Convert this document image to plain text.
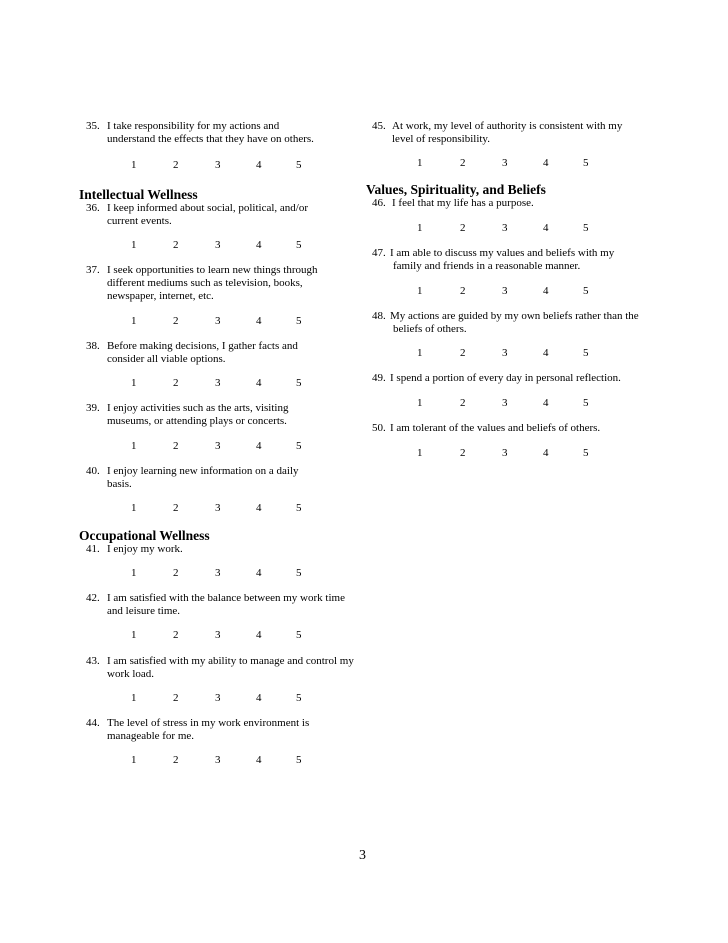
35. I take responsibility for my actions and
understand the effects that they have on others.
1	2	3	4	5
Intellectual Wellness
36. I keep informed about social, political, and/or
current events.
1	2	3	4	5
37. I seek opportunities to learn new things through
different mediums such as television, books,
newspaper, internet, etc.
1	2	3	4	5
38. Before making decisions, I gather facts and
consider all viable options.
1	2	3	4	5
39. I enjoy activities such as the arts, visiting
museums, or attending plays or concerts.
1	2	3	4	5
40. I enjoy learning new information on a daily
basis.
1	2	3	4	5
Occupational Wellness
41. I enjoy my work.
1	2	3	4	5
42. I am satisfied with the balance between my work time
and leisure time.
1	2	3	4	5
43. I am satisfied with my ability to manage and control my
work load.
1	2	3	4	5
44. The level of stress in my work environment is
manageable for me.
1	2	3	4	5
45. At work, my level of authority is consistent with my
level of responsibility.
1	2	3	4	5
Values, Spirituality, and Beliefs
46. I feel that my life has a purpose.
1	2	3	4	5
47. I am able to discuss my values and beliefs with my
family and friends in a reasonable manner.
1	2	3	4	5
48. My actions are guided by my own beliefs rather than the
beliefs of others.
1	2	3	4	5
49. I spend a portion of every day in personal reflection.
1	2	3	4	5
50. I am tolerant of the values and beliefs of others.
1	2	3	4	5
3
